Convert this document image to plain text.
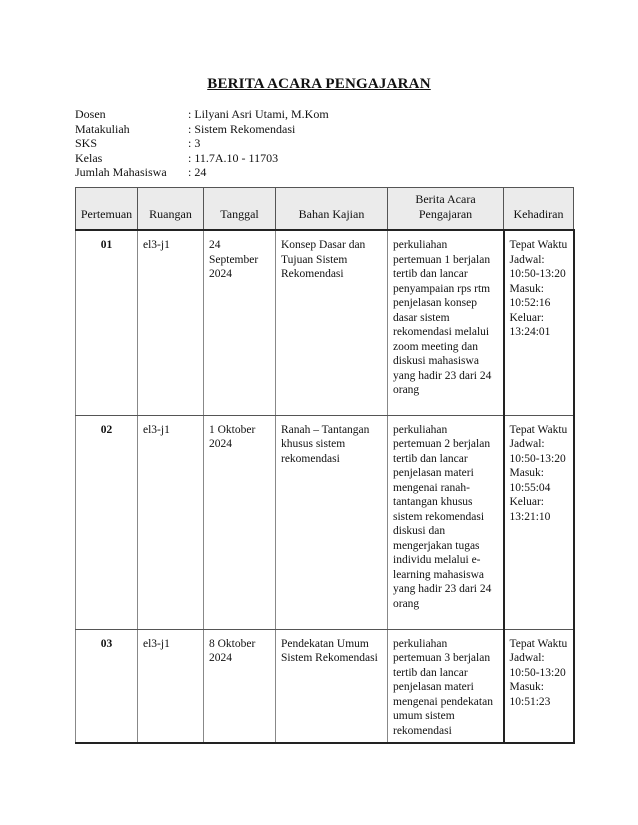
BERITA ACARA PENGAJARAN
Dosen	: Lilyani Asri Utami, M.Kom
Matakuliah	: Sistem Rekomendasi
SKS	: 3
Kelas	: 11.7A.10 - 11703
Jumlah Mahasiswa	: 24
Pertemuan	Ruangan	Tanggal	Bahan Kajian	Berita Acara Pengajaran	Kehadiran
01	el3-j1	24 September 2024	Konsep Dasar dan Tujuan Sistem Rekomendasi	perkuliahan pertemuan 1 berjalan tertib dan lancar penyampaian rps rtm penjelasan konsep dasar sistem rekomendasi melalui zoom meeting dan diskusi mahasiswa yang hadir 23 dari 24 orang	Tepat Waktu Jadwal: 10:50-13:20 Masuk: 10:52:16 Keluar: 13:24:01
02	el3-j1	1 Oktober 2024	Ranah – Tantangan khusus sistem rekomendasi	perkuliahan pertemuan 2 berjalan tertib dan lancar penjelasan materi mengenai ranah-tantangan khusus sistem rekomendasi diskusi dan mengerjakan tugas individu melalui e-learning mahasiswa yang hadir 23 dari 24 orang	Tepat Waktu Jadwal: 10:50-13:20 Masuk: 10:55:04 Keluar: 13:21:10
03	el3-j1	8 Oktober 2024	Pendekatan Umum Sistem Rekomendasi	perkuliahan pertemuan 3 berjalan tertib dan lancar penjelasan materi mengenai pendekatan umum sistem rekomendasi	Tepat Waktu Jadwal: 10:50-13:20 Masuk: 10:51:23
